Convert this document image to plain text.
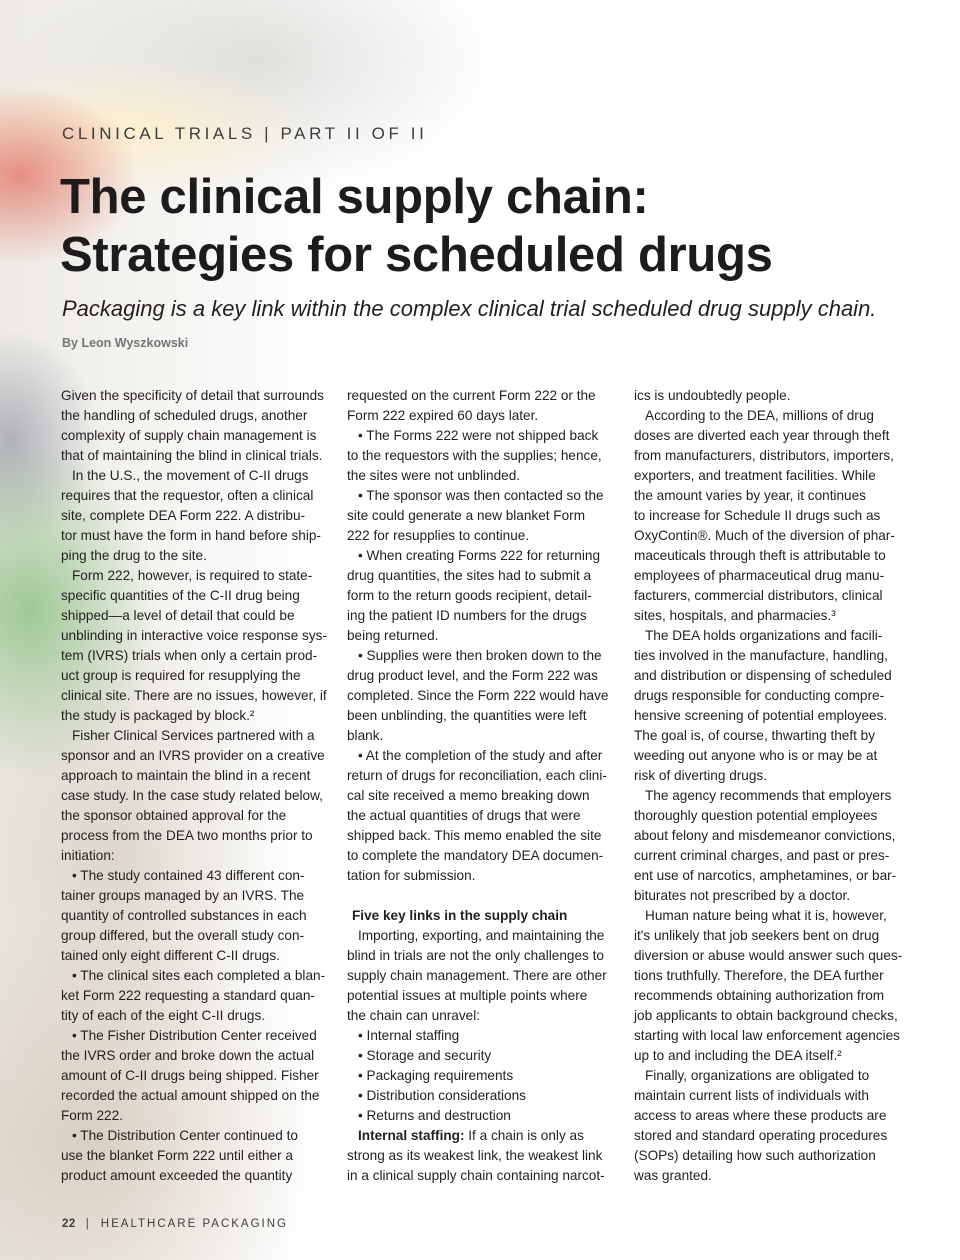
CLINICAL TRIALS | PART II OF II

The clinical supply chain:
Strategies for scheduled drugs

Packaging is a key link within the complex clinical trial scheduled drug supply chain.

By Leon Wyszkowski

Given the specificity of detail that surrounds
the handling of scheduled drugs, another
complexity of supply chain management is
that of maintaining the blind in clinical trials.
In the U.S., the movement of C-II drugs
requires that the requestor, often a clinical
site, complete DEA Form 222. A distribu-
tor must have the form in hand before ship-
ping the drug to the site.
Form 222, however, is required to state-
specific quantities of the C-II drug being
shipped—a level of detail that could be
unblinding in interactive voice response sys-
tem (IVRS) trials when only a certain prod-
uct group is required for resupplying the
clinical site. There are no issues, however, if
the study is packaged by block.²
Fisher Clinical Services partnered with a
sponsor and an IVRS provider on a creative
approach to maintain the blind in a recent
case study. In the case study related below,
the sponsor obtained approval for the
process from the DEA two months prior to
initiation:
• The study contained 43 different con-
tainer groups managed by an IVRS. The
quantity of controlled substances in each
group differed, but the overall study con-
tained only eight different C-II drugs.
• The clinical sites each completed a blan-
ket Form 222 requesting a standard quan-
tity of each of the eight C-II drugs.
• The Fisher Distribution Center received
the IVRS order and broke down the actual
amount of C-II drugs being shipped. Fisher
recorded the actual amount shipped on the
Form 222.
• The Distribution Center continued to
use the blanket Form 222 until either a
product amount exceeded the quantity
requested on the current Form 222 or the
Form 222 expired 60 days later.
• The Forms 222 were not shipped back
to the requestors with the supplies; hence,
the sites were not unblinded.
• The sponsor was then contacted so the
site could generate a new blanket Form
222 for resupplies to continue.
• When creating Forms 222 for returning
drug quantities, the sites had to submit a
form to the return goods recipient, detail-
ing the patient ID numbers for the drugs
being returned.
• Supplies were then broken down to the
drug product level, and the Form 222 was
completed. Since the Form 222 would have
been unblinding, the quantities were left
blank.
• At the completion of the study and after
return of drugs for reconciliation, each clini-
cal site received a memo breaking down
the actual quantities of drugs that were
shipped back. This memo enabled the site
to complete the mandatory DEA documen-
tation for submission.
Five key links in the supply chain
Importing, exporting, and maintaining the
blind in trials are not the only challenges to
supply chain management. There are other
potential issues at multiple points where
the chain can unravel:
• Internal staffing
• Storage and security
• Packaging requirements
• Distribution considerations
• Returns and destruction
Internal staffing: If a chain is only as
strong as its weakest link, the weakest link
in a clinical supply chain containing narcot-
ics is undoubtedly people.
According to the DEA, millions of drug
doses are diverted each year through theft
from manufacturers, distributors, importers,
exporters, and treatment facilities. While
the amount varies by year, it continues
to increase for Schedule II drugs such as
OxyContin®. Much of the diversion of phar-
maceuticals through theft is attributable to
employees of pharmaceutical drug manu-
facturers, commercial distributors, clinical
sites, hospitals, and pharmacies.³
The DEA holds organizations and facili-
ties involved in the manufacture, handling,
and distribution or dispensing of scheduled
drugs responsible for conducting compre-
hensive screening of potential employees.
The goal is, of course, thwarting theft by
weeding out anyone who is or may be at
risk of diverting drugs.
The agency recommends that employers
thoroughly question potential employees
about felony and misdemeanor convictions,
current criminal charges, and past or pres-
ent use of narcotics, amphetamines, or bar-
biturates not prescribed by a doctor.
Human nature being what it is, however,
it's unlikely that job seekers bent on drug
diversion or abuse would answer such ques-
tions truthfully. Therefore, the DEA further
recommends obtaining authorization from
job applicants to obtain background checks,
starting with local law enforcement agencies
up to and including the DEA itself.²
Finally, organizations are obligated to
maintain current lists of individuals with
access to areas where these products are
stored and standard operating procedures
(SOPs) detailing how such authorization
was granted.

22 | HEALTHCARE PACKAGING
